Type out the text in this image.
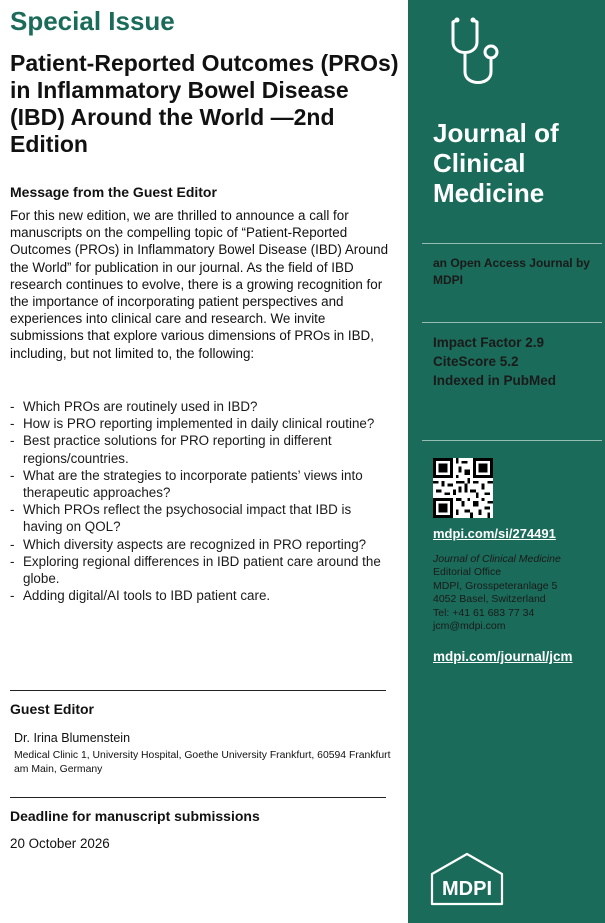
Special Issue
Patient-Reported Outcomes (PROs) in Inflammatory Bowel Disease (IBD) Around the World —2nd Edition
Message from the Guest Editor

For this new edition, we are thrilled to announce a call for manuscripts on the compelling topic of “Patient-Reported Outcomes (PROs) in Inflammatory Bowel Disease (IBD) Around the World” for publication in our journal. As the field of IBD research continues to evolve, there is a growing recognition for the importance of incorporating patient perspectives and experiences into clinical care and research. We invite submissions that explore various dimensions of PROs in IBD, including, but not limited to, the following:

- Which PROs are routinely used in IBD?
- How is PRO reporting implemented in daily clinical routine?
- Best practice solutions for PRO reporting in different regions/countries.
- What are the strategies to incorporate patients’ views into therapeutic approaches?
- Which PROs reflect the psychosocial impact that IBD is having on QOL?
- Which diversity aspects are recognized in PRO reporting?
- Exploring regional differences in IBD patient care around the globe.
- Adding digital/AI tools to IBD patient care.
Guest Editor

Dr. Irina Blumenstein

Medical Clinic 1, University Hospital, Goethe University Frankfurt, 60594 Frankfurt am Main, Germany

Deadline for manuscript submissions

20 October 2026

Journal of Clinical Medicine

an Open Access Journal by MDPI

Impact Factor 2.9
CiteScore 5.2
Indexed in PubMed
mdpi.com/si/274491
Journal of Clinical Medicine
Editorial Office
MDPI, Grosspeteranlage 5
4052 Basel, Switzerland
Tel: +41 61 683 77 34
jcm@mdpi.com
mdpi.com/journal/jcm
MDPI
